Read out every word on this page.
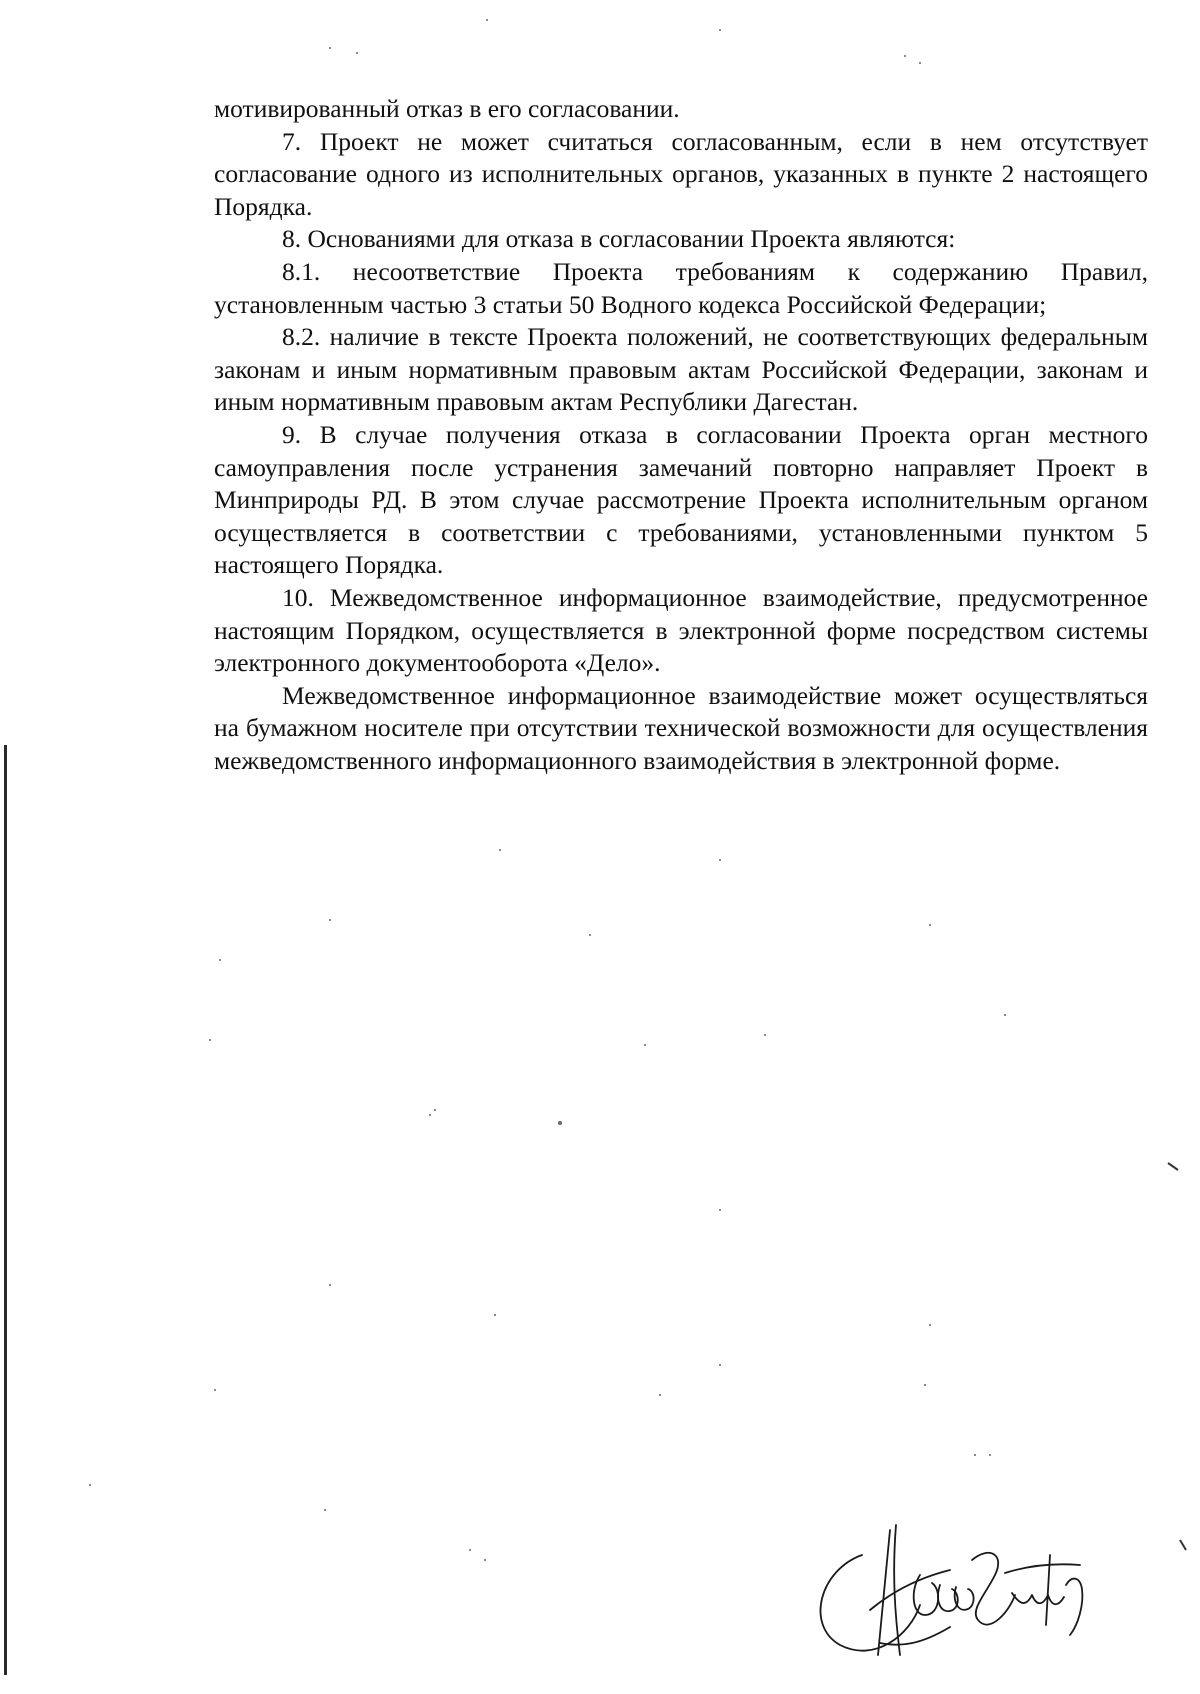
мотивированный отказ в его согласовании.

7. Проект не может считаться согласованным, если в нем отсутствует согласование одного из исполнительных органов, указанных в пункте 2 настоящего Порядка.

8. Основаниями для отказа в согласовании Проекта являются:

8.1. несоответствие Проекта требованиям к содержанию Правил, установленным частью 3 статьи 50 Водного кодекса Российской Федерации;

8.2. наличие в тексте Проекта положений, не соответствующих федеральным законам и иным нормативным правовым актам Российской Федерации, законам и иным нормативным правовым актам Республики Дагестан.

9. В случае получения отказа в согласовании Проекта орган местного самоуправления после устранения замечаний повторно направляет Проект в Минприроды РД. В этом случае рассмотрение Проекта исполнительным органом осуществляется в соответствии с требованиями, установленными пунктом 5 настоящего Порядка.

10. Межведомственное информационное взаимодействие, предусмотренное настоящим Порядком, осуществляется в электронной форме посредством системы электронного документооборота «Дело».

Межведомственное информационное взаимодействие может осуществляться на бумажном носителе при отсутствии технической возможности для осуществления межведомственного информационного взаимодействия в электронной форме.
